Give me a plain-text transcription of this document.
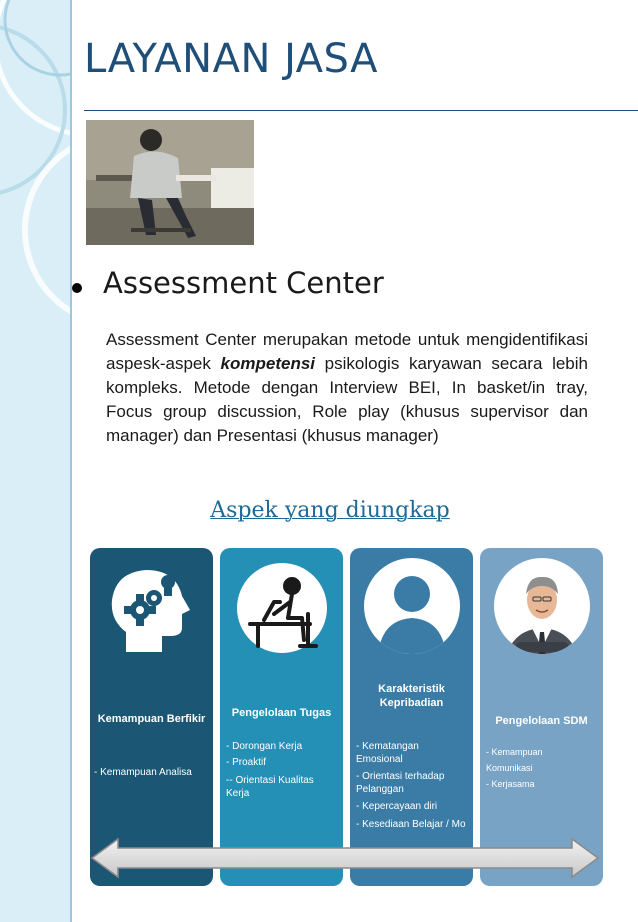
LAYANAN JASA
Assessment Center
Assessment Center merupakan metode untuk mengidentifikasi aspesk-aspek kompetensi psikologis karyawan secara lebih kompleks. Metode dengan Interview BEI, In basket/in tray, Focus group discussion, Role play (khusus supervisor dan manager) dan Presentasi (khusus manager)
Aspek yang diungkap
Kemampuan Berfikir
- Kemampuan Analisa
Pengelolaan Tugas
- Dorongan Kerja
- Proaktif
-- Orientasi Kualitas Kerja
Karakteristik Kepribadian
- Kematangan Emosional
- Orientasi terhadap Pelanggan
- Kepercayaan diri
- Kesediaan Belajar / Mo
Pengelolaan SDM
- Kemampuan
Komunikasi
- Kerjasama
